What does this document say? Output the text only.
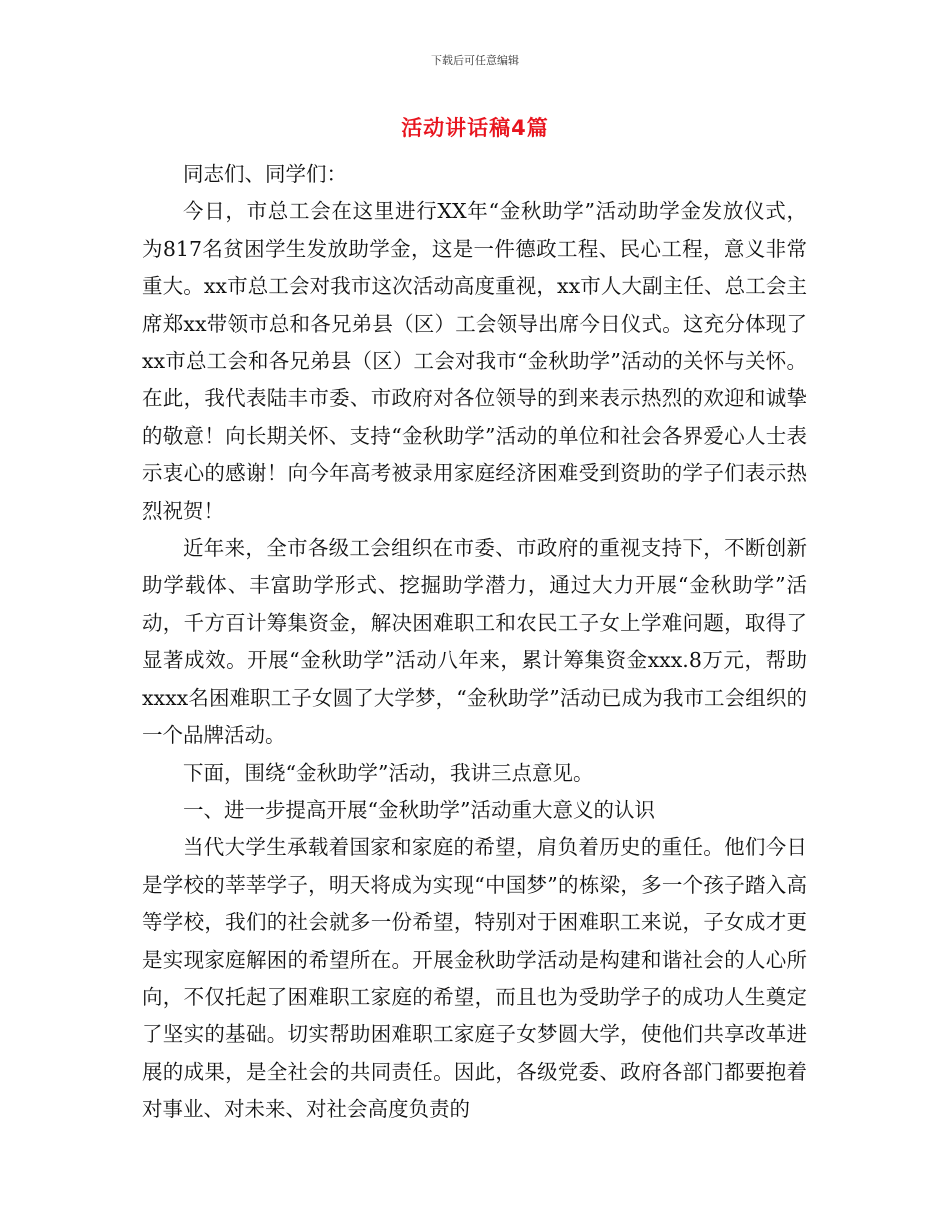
下载后可任意编辑
活动讲话稿4篇

同志们、同学们：

今日，市总工会在这里进行XX年“金秋助学”活动助学金发放仪式，为817名贫困学生发放助学金，这是一件德政工程、民心工程，意义非常重大。xx市总工会对我市这次活动高度重视，xx市人大副主任、总工会主席郑xx带领市总和各兄弟县（区）工会领导出席今日仪式。这充分体现了xx市总工会和各兄弟县（区）工会对我市“金秋助学”活动的关怀与关怀。在此，我代表陆丰市委、市政府对各位领导的到来表示热烈的欢迎和诚挚的敬意！向长期关怀、支持“金秋助学”活动的单位和社会各界爱心人士表示衷心的感谢！向今年高考被录用家庭经济困难受到资助的学子们表示热烈祝贺！

近年来，全市各级工会组织在市委、市政府的重视支持下，不断创新助学载体、丰富助学形式、挖掘助学潜力，通过大力开展“金秋助学”活动，千方百计筹集资金，解决困难职工和农民工子女上学难问题，取得了显著成效。开展“金秋助学”活动八年来，累计筹集资金xxx.8万元，帮助xxxx名困难职工子女圆了大学梦，“金秋助学”活动已成为我市工会组织的一个品牌活动。

下面，围绕“金秋助学”活动，我讲三点意见。

一、进一步提高开展“金秋助学”活动重大意义的认识

当代大学生承载着国家和家庭的希望，肩负着历史的重任。他们今日是学校的莘莘学子，明天将成为实现“中国梦”的栋梁，多一个孩子踏入高等学校，我们的社会就多一份希望，特别对于困难职工来说，子女成才更是实现家庭解困的希望所在。开展金秋助学活动是构建和谐社会的人心所向，不仅托起了困难职工家庭的希望，而且也为受助学子的成功人生奠定了坚实的基础。切实帮助困难职工家庭子女梦圆大学，使他们共享改革进展的成果，是全社会的共同责任。因此，各级党委、政府各部门都要抱着对事业、对未来、对社会高度负责的
